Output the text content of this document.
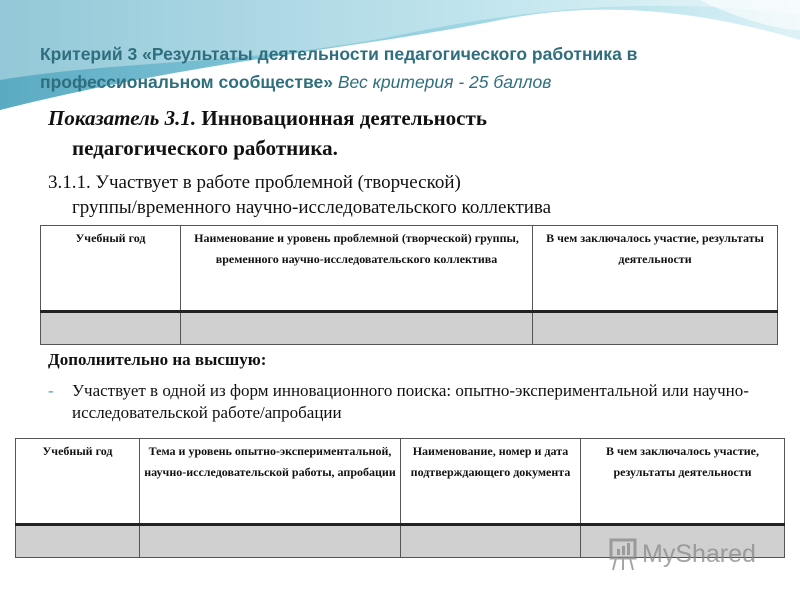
Критерий 3 «Результаты деятельности педагогического работника в профессиональном сообществе» Вес критерия - 25 баллов
Показатель 3.1. Инновационная деятельность
педагогического работника.
3.1.1. Участвует в работе проблемной (творческой)
группы/временного научно-исследовательского коллектива
Учебный год	Наименование и уровень проблемной (творческой) группы, временного научно-исследовательского коллектива	В чем заключалось участие, результаты деятельности

Дополнительно на высшую:
-	Участвует в одной из форм инновационного поиска: опытно-экспериментальной или научно-исследовательской работе/апробации
Учебный год	Тема и уровень опытно-экспериментальной, научно-исследовательской работы, апробации	Наименование, номер и дата подтверждающего документа	В чем заключалось участие, результаты деятельности

MyShared
